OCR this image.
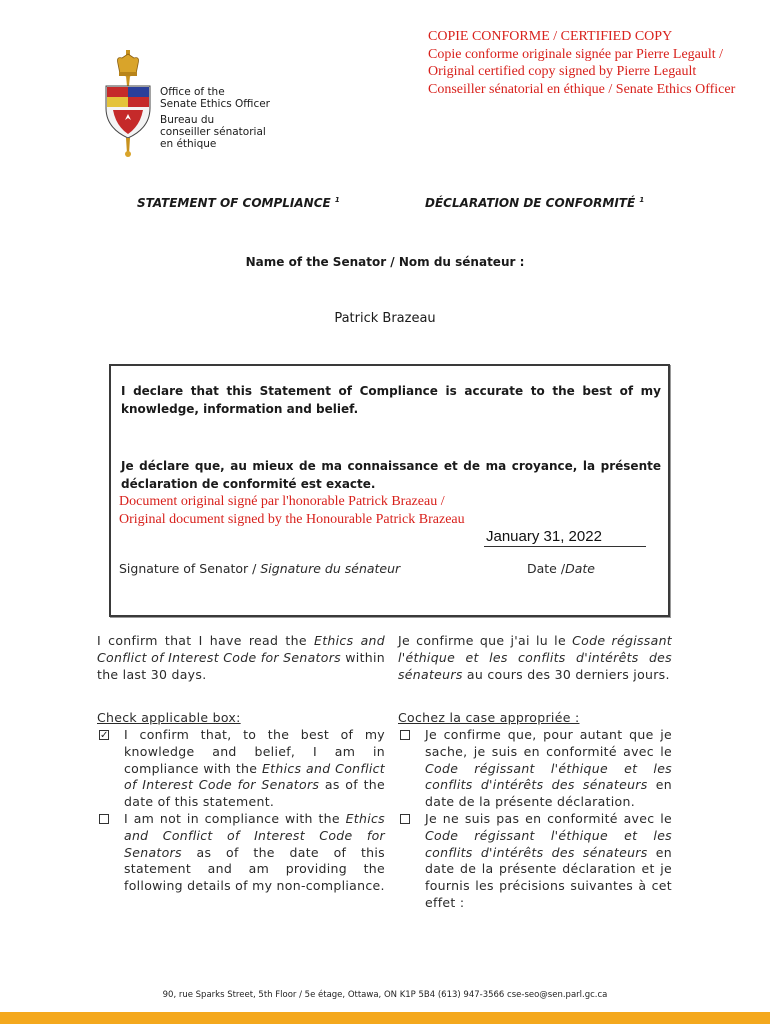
Office of the
Senate Ethics Officer
Bureau du
conseiller sénatorial
en éthique
COPIE CONFORME / CERTIFIED COPY
Copie conforme originale signée par Pierre Legault /
Original certified copy signed by Pierre Legault
Conseiller sénatorial en éthique / Senate Ethics Officer
STATEMENT OF COMPLIANCE $^1$	DÉCLARATION DE CONFORMITÉ $^1$
Name of the Senator / Nom du sénateur :
Patrick Brazeau
I declare that this Statement of Compliance is accurate to the best of my knowledge, information and belief.
Je déclare que, au mieux de ma connaissance et de ma croyance, la présente déclaration de conformité est exacte.
Document original signé par l'honorable Patrick Brazeau /
Original document signed by the Honourable Patrick Brazeau
January 31, 2022
Signature of Senator / Signature du sénateur	Date /Date
I confirm that I have read the Ethics and Conflict of Interest Code for Senators within the last 30 days.
Je confirme que j'ai lu le Code régissant l'éthique et les conflits d'intérêts des sénateurs au cours des 30 derniers jours.
Check applicable box:	Cochez la case appropriée :
✓ I confirm that, to the best of my knowledge and belief, I am in compliance with the Ethics and Conflict of Interest Code for Senators as of the date of this statement.
I am not in compliance with the Ethics and Conflict of Interest Code for Senators as of the date of this statement and am providing the following details of my non-compliance.
Je confirme que, pour autant que je sache, je suis en conformité avec le Code régissant l'éthique et les conflits d'intérêts des sénateurs en date de la présente déclaration.
Je ne suis pas en conformité avec le Code régissant l'éthique et les conflits d'intérêts des sénateurs en date de la présente déclaration et je fournis les précisions suivantes à cet effet :
90, rue Sparks Street, 5th Floor / 5e étage, Ottawa, ON K1P 5B4 (613) 947-3566 cse-seo@sen.parl.gc.ca
